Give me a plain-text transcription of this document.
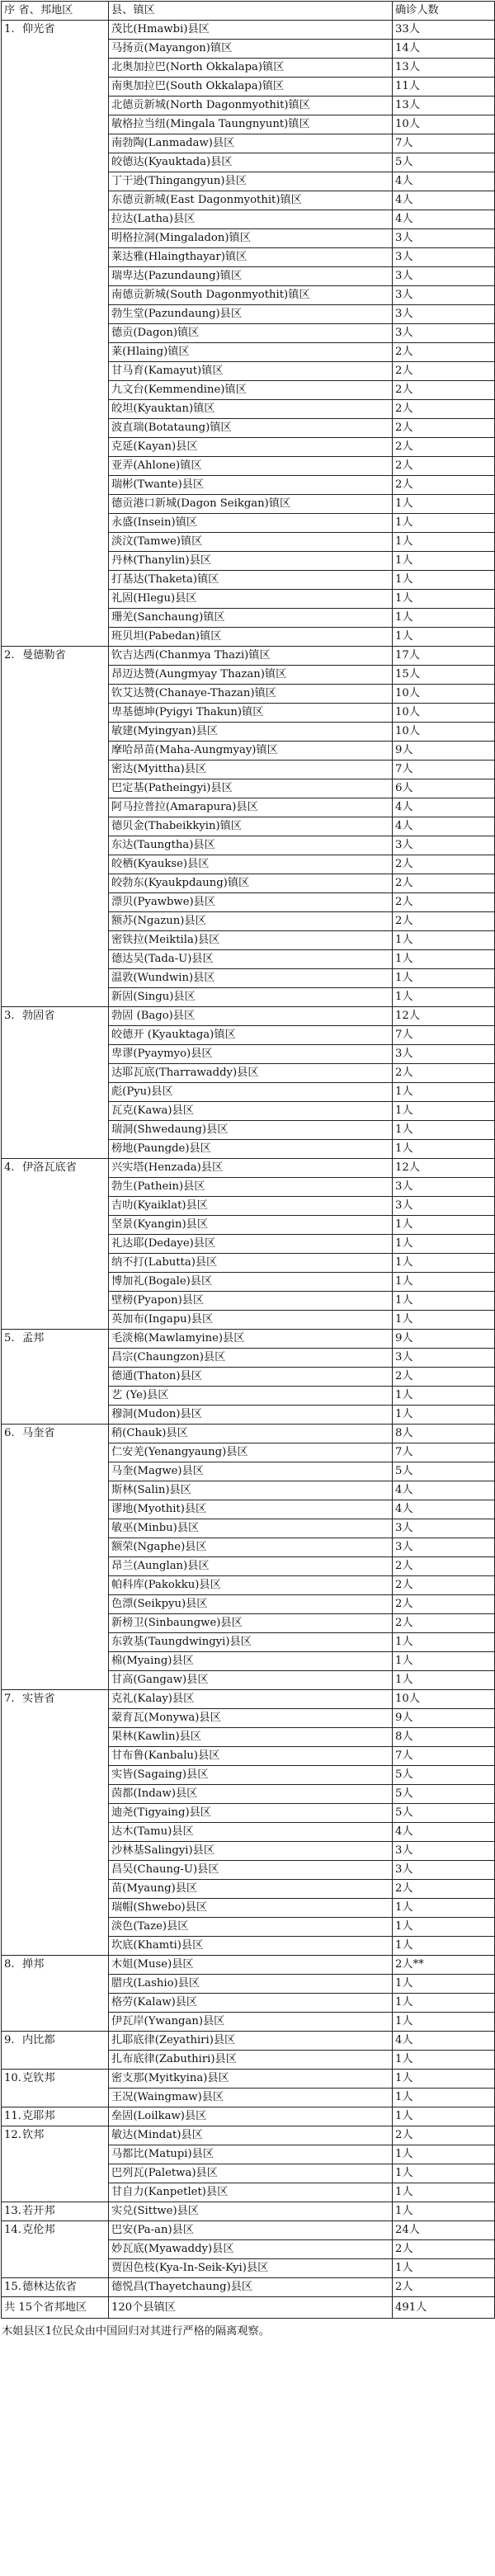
序 省、邦地区	县、镇区	确诊人数
1. 仰光省	茂比(Hmawbi)县区	33人
	马扬贡(Mayangon)镇区	14人
	北奥加拉巴(North Okkalapa)镇区	13人
	南奥加拉巴(South Okkalapa)镇区	11人
	北德贡新城(North Dagonmyothit)镇区	13人
	敏格拉当纽(Mingala Taungnyunt)镇区	10人
	南勃陶(Lanmadaw)县区	7人
	皎德达(Kyauktada)县区	5人
	丁干逊(Thingangyun)县区	4人
	东德贡新城(East Dagonmyothit)镇区	4人
	拉达(Latha)县区	4人
	明格拉洞(Mingaladon)镇区	3人
	莱达雅(Hlaingthayar)镇区	3人
	瑞卑达(Pazundaung)镇区	3人
	南德贡新城(South Dagonmyothit)镇区	3人
	勃生堂(Pazundaung)县区	3人
	德贡(Dagon)镇区	3人
	莱(Hlaing)镇区	2人
	甘马育(Kamayut)镇区	2人
	九文台(Kemmendine)镇区	2人
	皎坦(Kyauktan)镇区	2人
	波直瑞(Botataung)镇区	2人
	克延(Kayan)县区	2人
	亚弄(Ahlone)镇区	2人
	瑞彬(Twante)县区	2人
	德贡港口新城(Dagon Seikgan)镇区	1人
	永盛(Insein)镇区	1人
	淡汶(Tamwe)镇区	1人
	丹林(Thanylin)县区	1人
	打基达(Thaketa)镇区	1人
	礼固(Hlegu)县区	1人
	珊羌(Sanchaung)镇区	1人
	班贝坦(Pabedan)镇区	1人
2. 曼德勒省	钦吉达西(Chanmya Thazi)镇区	17人
	昂迈达赞(Aungmyay Thazan)镇区	15人
	钦艾达赞(Chanaye-Thazan)镇区	10人
	卑基德坤(Pyigyi Thakun)镇区	10人
	敏建(Myingyan)县区	10人
	摩哈昂苗(Maha-Aungmyay)镇区	9人
	密达(Myittha)县区	7人
	巴定基(Patheingyi)县区	6人
	阿马拉普拉(Amarapura)县区	4人
	德贝金(Thabeikkyin)镇区	4人
	东达(Taungtha)县区	3人
	皎栖(Kyaukse)县区	2人
	皎勃东(Kyaukpdaung)镇区	2人
	漂贝(Pyawbwe)县区	2人
	额苏(Ngazun)县区	2人
	密铁拉(Meiktila)县区	1人
	德达吴(Tada-U)县区	1人
	温敦(Wundwin)县区	1人
	新固(Singu)县区	1人
3. 勃固省	勃固 (Bago)县区	12人
	皎德开 (Kyauktaga)镇区	7人
	卑谬(Pyaymyo)县区	3人
	达耶瓦底(Tharrawaddy)县区	2人
	彪(Pyu)县区	1人
	瓦克(Kawa)县区	1人
	瑞洞(Shwedaung)县区	1人
	榜地(Paungde)县区	1人
4. 伊洛瓦底省	兴实塔(Henzada)县区	12人
	勃生(Pathein)县区	3人
	吉叻(Kyaiklat)县区	3人
	坚景(Kyangin)县区	1人
	礼达耶(Dedaye)县区	1人
	纳不打(Labutta)县区	1人
	博加礼(Bogale)县区	1人
	壁榜(Pyapon)县区	1人
	英加布(Ingapu)县区	1人
5. 孟邦	毛淡棉(Mawlamyine)县区	9人
	昌宗(Chaungzon)县区	3人
	德通(Thaton)县区	2人
	艺 (Ye)县区	1人
	穆洞(Mudon)县区	1人
6. 马奎省	稍(Chauk)县区	8人
	仁安羌(Yenangyaung)县区	7人
	马奎(Magwe)县区	5人
	斯林(Salin)县区	4人
	谬地(Myothit)县区	4人
	敏巫(Minbu)县区	3人
	额荣(Ngaphe)县区	3人
	昂兰(Aunglan)县区	2人
	帕科库(Pakokku)县区	2人
	色漂(Seikpyu)县区	2人
	新榜卫(Sinbaungwe)县区	2人
	东敦基(Taungdwingyi)县区	1人
	棉(Myaing)县区	1人
	甘高(Gangaw)县区	1人
7. 实皆省	克礼(Kalay)县区	10人
	蒙育瓦(Monywa)县区	9人
	果林(Kawlin)县区	8人
	甘布鲁(Kanbalu)县区	7人
	实皆(Sagaing)县区	5人
	茵都(Indaw)县区	5人
	迪尧(Tigyaing)县区	5人
	达木(Tamu)县区	4人
	沙林基Salingyi)县区	3人
	昌吴(Chaung-U)县区	3人
	苗(Myaung)县区	2人
	瑞帽(Shwebo)县区	1人
	淡色(Taze)县区	1人
	坎底(Khamti)县区	1人
8. 掸邦	木姐(Muse)县区	2人**
	腊戌(Lashio)县区	1人
	格劳(Kalaw)县区	1人
	伊瓦岸(Ywangan)县区	1人
9. 内比都	扎耶底律(Zeyathiri)县区	4人
	扎布底律(Zabuthiri)县区	1人
10.克钦邦	密支那(Myitkyina)县区	1人
	王况(Waingmaw)县区	1人
11.克耶邦	垒固(Loilkaw)县区	1人
12.钦邦	敏达(Mindat)县区	2人
	马都比(Matupi)县区	1人
	巴列瓦(Paletwa)县区	1人
	甘自力(Kanpetlet)县区	1人
13.若开邦	实兑(Sittwe)县区	1人
14.克伦邦	巴安(Pa-an)县区	24人
	妙瓦底(Myawaddy)县区	2人
	贾因色枝(Kya-In-Seik-Kyi)县区	1人
15.德林达依省	德悦昌(Thayetchaung)县区	2人
共 15个省邦地区	120个县镇区	491人

木姐县区1位民众由中国回归对其进行严格的隔离观察。
